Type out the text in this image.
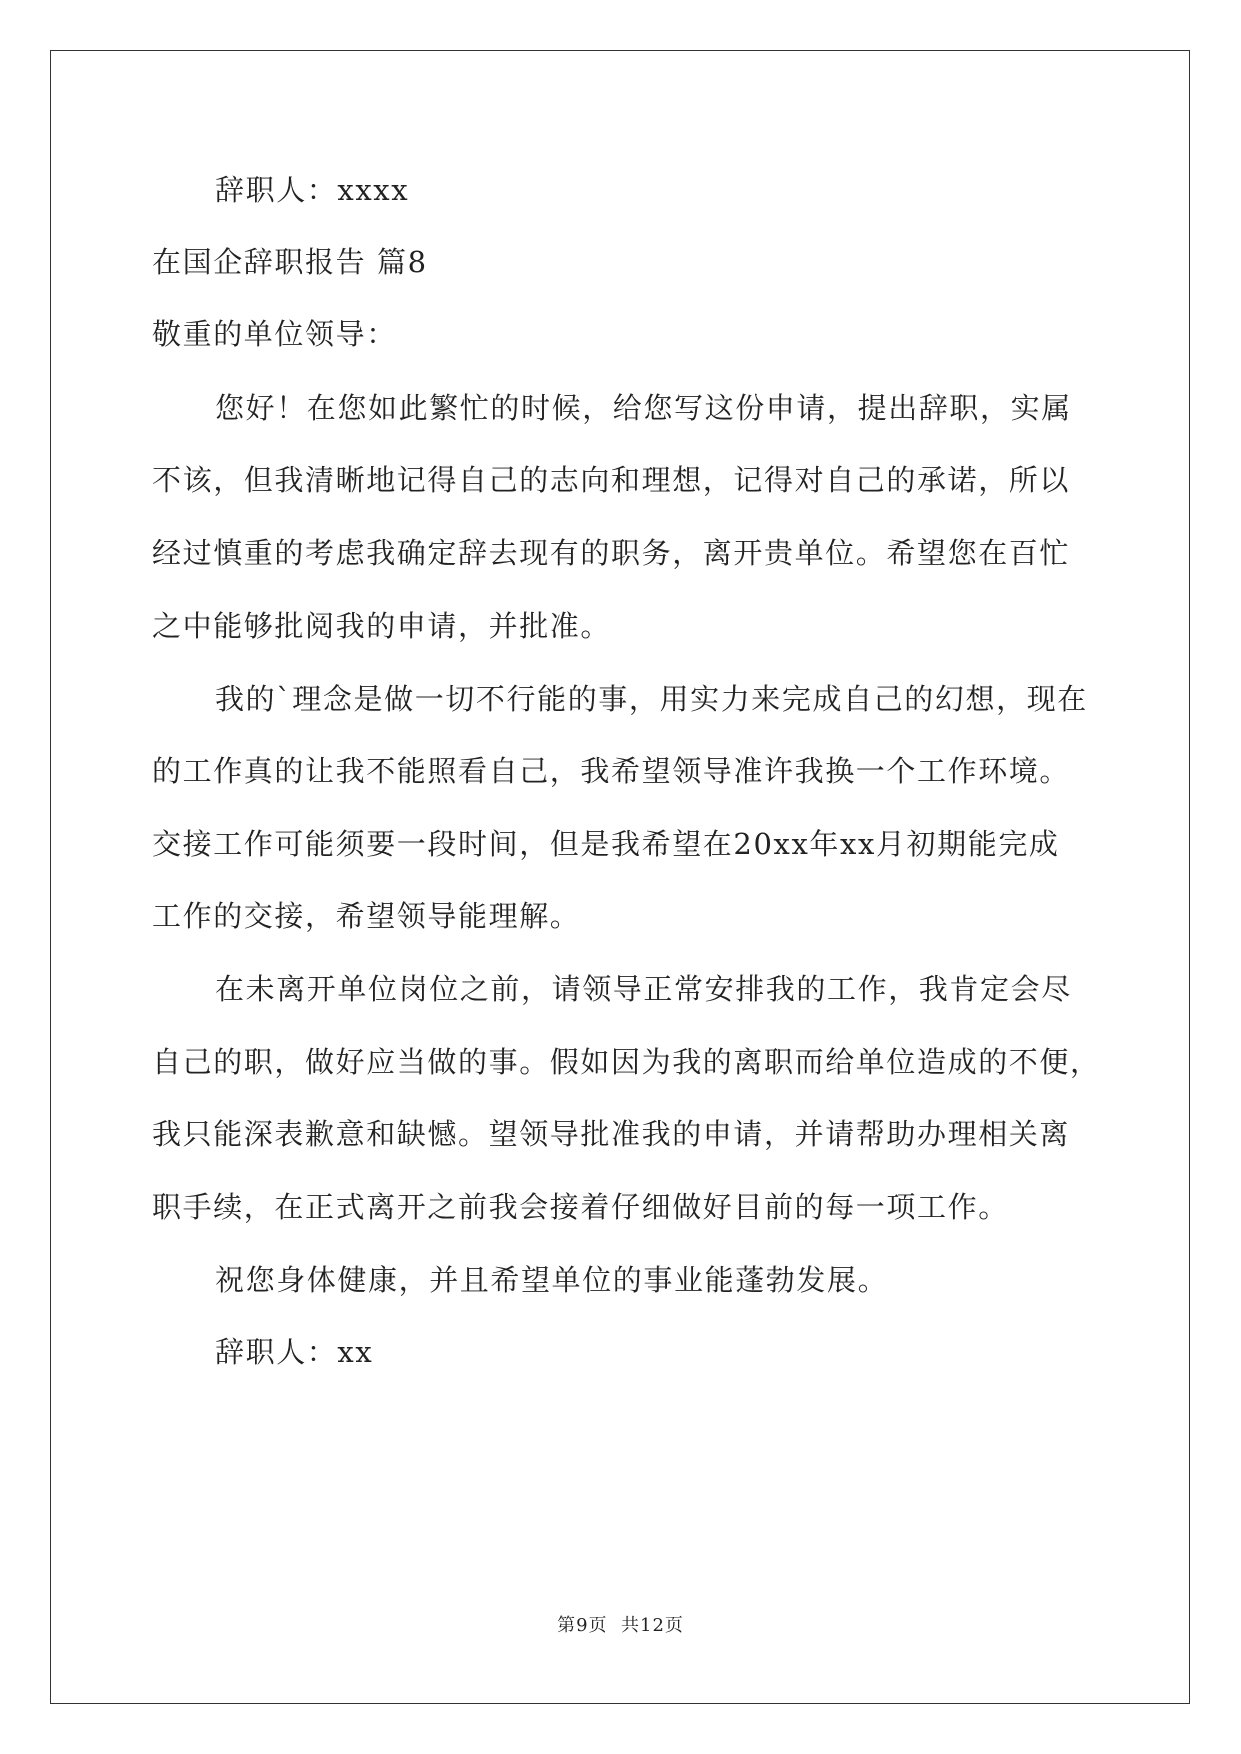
辞职人：xxxx
在国企辞职报告 篇8
敬重的单位领导：
您好！在您如此繁忙的时候，给您写这份申请，提出辞职，实属
不该，但我清晰地记得自己的志向和理想，记得对自己的承诺，所以
经过慎重的考虑我确定辞去现有的职务，离开贵单位。希望您在百忙
之中能够批阅我的申请，并批准。
我的`理念是做一切不行能的事，用实力来完成自己的幻想，现在
的工作真的让我不能照看自己，我希望领导准许我换一个工作环境。
交接工作可能须要一段时间，但是我希望在20xx年xx月初期能完成
工作的交接，希望领导能理解。
在未离开单位岗位之前，请领导正常安排我的工作，我肯定会尽
自己的职，做好应当做的事。假如因为我的离职而给单位造成的不便，
我只能深表歉意和缺憾。望领导批准我的申请，并请帮助办理相关离
职手续，在正式离开之前我会接着仔细做好目前的每一项工作。
祝您身体健康，并且希望单位的事业能蓬勃发展。
辞职人：xx
第9页  共12页
